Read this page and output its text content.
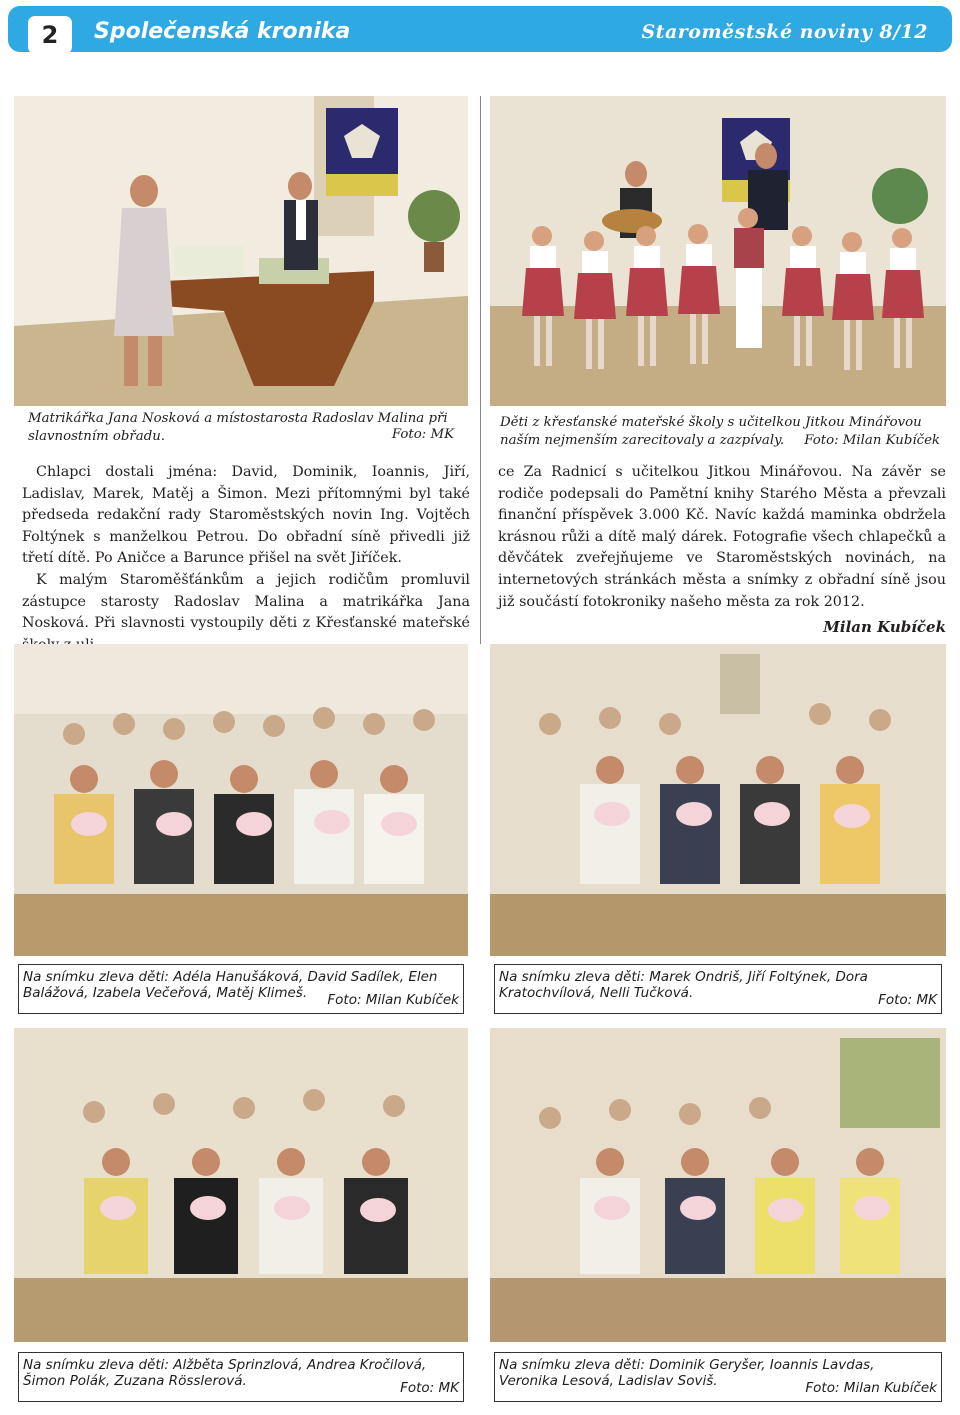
2	Společenská kronika	Staroměstské noviny 8/12
Matrikářka Jana Nosková a místostarosta Radoslav Malina při slavnostním obřadu.	Foto: MK
Děti z křesťanské mateřské školy s učitelkou Jitkou Minářovou naším nejmenším zarecitovaly a zazpívaly. Foto: Milan Kubíček

Chlapci dostali jména: David, Dominik, Ioannis, Jiří, Ladislav, Marek, Matěj a Šimon. Mezi přítomnými byl také předseda redakční rady Staroměstských novin Ing. Vojtěch Foltýnek s manželkou Petrou. Do obřadní síně přivedli již třetí dítě. Po Aničce a Barunce přišel na svět Jiříček.

K malým Staroměšťánkům a jejich rodičům promluvil zástupce starosty Radoslav Malina a matrikářka Jana Nosková. Při slavnosti vystoupily děti z Křesťanské mateřské

ce Za Radnicí s učitelkou Jitkou Minářovou. Na závěr se rodiče podepsali do Pamětní knihy Starého Města a převzali finanční příspěvek 3.000 Kč. Navíc každá maminka obdržela krásnou růži a dítě malý dárek. Fotografie všech chlapečků a děvčátek zveřejňujeme ve Staroměstských novinách, na internetových stránkách města a snímky z obřadní síně jsou již součástí fotokroniky našeho města za rok 2012.

Milan Kubíček
Na snímku zleva děti: Adéla Hanušáková, David Sadílek, Elen Balážová, Izabela Večeřová, Matěj Klimeš. Foto: Milan Kubíček
Na snímku zleva děti: Marek Ondriš, Jiří Foltýnek, Dora Kratochvílová, Nelli Tučková.	Foto: MK
Na snímku zleva děti: Alžběta Sprinzlová, Andrea Kročilová, Šimon Polák, Zuzana Rösslerová.	Foto: MK
Na snímku zleva děti: Dominik Geryšer, Ioannis Lavdas, Veronika Lesová, Ladislav Soviš.	Foto: Milan Kubíček
